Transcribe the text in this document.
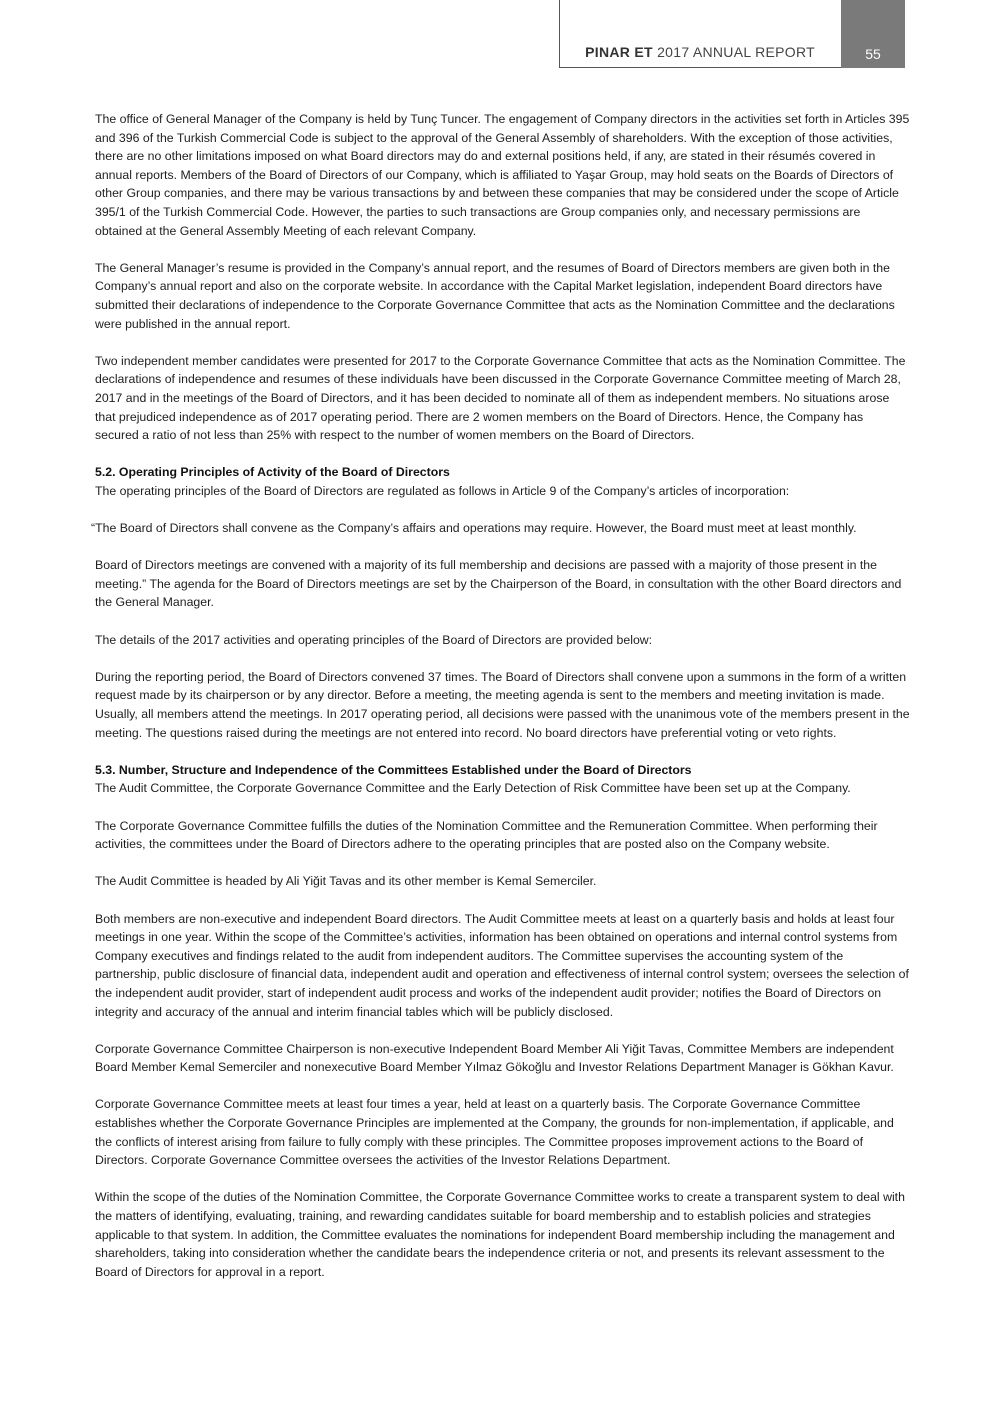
PINAR ET 2017 ANNUAL REPORT	55

The office of General Manager of the Company is held by Tunç Tuncer. The engagement of Company directors in the activities set forth in Articles 395 and 396 of the Turkish Commercial Code is subject to the approval of the General Assembly of shareholders. With the exception of those activities, there are no other limitations imposed on what Board directors may do and external positions held, if any, are stated in their résumés covered in annual reports. Members of the Board of Directors of our Company, which is affiliated to Yaşar Group, may hold seats on the Boards of Directors of other Group companies, and there may be various transactions by and between these companies that may be considered under the scope of Article 395/1 of the Turkish Commercial Code. However, the parties to such transactions are Group companies only, and necessary permissions are obtained at the General Assembly Meeting of each relevant Company.

The General Manager’s resume is provided in the Company’s annual report, and the resumes of Board of Directors members are given both in the Company’s annual report and also on the corporate website. In accordance with the Capital Market legislation, independent Board directors have submitted their declarations of independence to the Corporate Governance Committee that acts as the Nomination Committee and the declarations were published in the annual report.

Two independent member candidates were presented for 2017 to the Corporate Governance Committee that acts as the Nomination Committee. The declarations of independence and resumes of these individuals have been discussed in the Corporate Governance Committee meeting of March 28, 2017 and in the meetings of the Board of Directors, and it has been decided to nominate all of them as independent members. No situations arose that prejudiced independence as of 2017 operating period. There are 2 women members on the Board of Directors. Hence, the Company has secured a ratio of not less than 25% with respect to the number of women members on the Board of Directors.

5.2. Operating Principles of Activity of the Board of Directors

The operating principles of the Board of Directors are regulated as follows in Article 9 of the Company’s articles of incorporation:

“The Board of Directors shall convene as the Company’s affairs and operations may require. However, the Board must meet at least monthly.

Board of Directors meetings are convened with a majority of its full membership and decisions are passed with a majority of those present in the meeting.” The agenda for the Board of Directors meetings are set by the Chairperson of the Board, in consultation with the other Board directors and the General Manager.

The details of the 2017 activities and operating principles of the Board of Directors are provided below:

During the reporting period, the Board of Directors convened 37 times. The Board of Directors shall convene upon a summons in the form of a written request made by its chairperson or by any director. Before a meeting, the meeting agenda is sent to the members and meeting invitation is made. Usually, all members attend the meetings. In 2017 operating period, all decisions were passed with the unanimous vote of the members present in the meeting. The questions raised during the meetings are not entered into record. No board directors have preferential voting or veto rights.

5.3. Number, Structure and Independence of the Committees Established under the Board of Directors

The Audit Committee, the Corporate Governance Committee and the Early Detection of Risk Committee have been set up at the Company.

The Corporate Governance Committee fulfills the duties of the Nomination Committee and the Remuneration Committee. When performing their activities, the committees under the Board of Directors adhere to the operating principles that are posted also on the Company website.

The Audit Committee is headed by Ali Yiğit Tavas and its other member is Kemal Semerciler.

Both members are non-executive and independent Board directors. The Audit Committee meets at least on a quarterly basis and holds at least four meetings in one year. Within the scope of the Committee’s activities, information has been obtained on operations and internal control systems from Company executives and findings related to the audit from independent auditors. The Committee supervises the accounting system of the partnership, public disclosure of financial data, independent audit and operation and effectiveness of internal control system; oversees the selection of the independent audit provider, start of independent audit process and works of the independent audit provider; notifies the Board of Directors on integrity and accuracy of the annual and interim financial tables which will be publicly disclosed.

Corporate Governance Committee Chairperson is non-executive Independent Board Member Ali Yiğit Tavas, Committee Members are independent Board Member Kemal Semerciler and nonexecutive Board Member Yılmaz Gökoğlu and Investor Relations Department Manager is Gökhan Kavur.

Corporate Governance Committee meets at least four times a year, held at least on a quarterly basis. The Corporate Governance Committee establishes whether the Corporate Governance Principles are implemented at the Company, the grounds for non-implementation, if applicable, and the conflicts of interest arising from failure to fully comply with these principles. The Committee proposes improvement actions to the Board of Directors. Corporate Governance Committee oversees the activities of the Investor Relations Department.

Within the scope of the duties of the Nomination Committee, the Corporate Governance Committee works to create a transparent system to deal with the matters of identifying, evaluating, training, and rewarding candidates suitable for board membership and to establish policies and strategies applicable to that system. In addition, the Committee evaluates the nominations for independent Board membership including the management and shareholders, taking into consideration whether the candidate bears the independence criteria or not, and presents its relevant assessment to the Board of Directors for approval in a report.
